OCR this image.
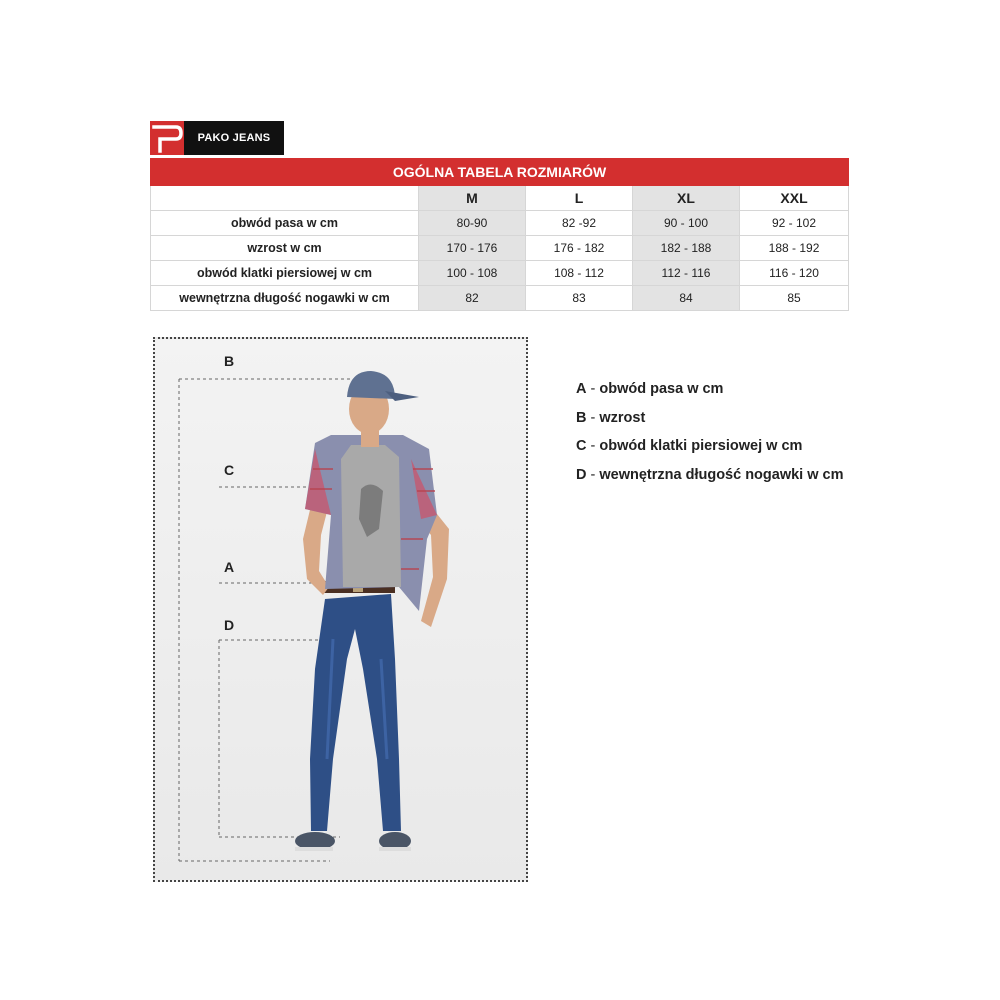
PAKO JEANS
OGÓLNA TABELA ROZMIARÓW				
	M	L	XL	XXL
obwód pasa w cm	80-90	82 -92	90 - 100	92 - 102
wzrost w cm	170 - 176	176 - 182	182 - 188	188 - 192
obwód klatki piersiowej w cm	100 - 108	108 - 112	112 - 116	116 - 120
wewnętrzna długość nogawki w cm	82	83	84	85
B
C
A
D
A - obwód pasa w cm
B - wzrost
C - obwód klatki piersiowej w cm
D - wewnętrzna długość nogawki w cm
